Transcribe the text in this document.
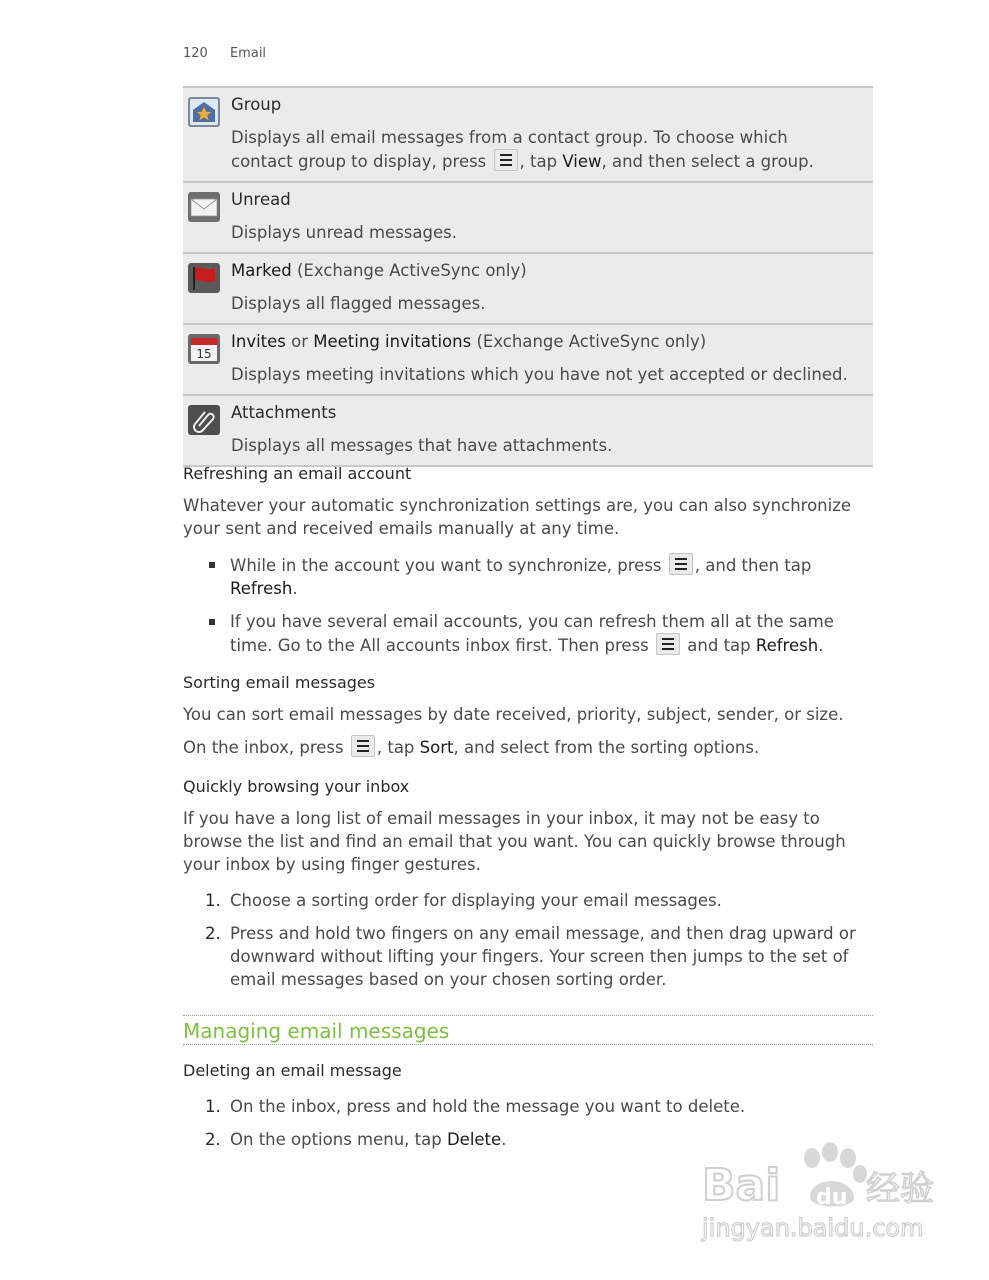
120 Email
Group
Displays all email messages from a contact group. To choose which contact group to display, press , tap View, and then select a group.
Unread
Displays unread messages.
Marked (Exchange ActiveSync only)
Displays all flagged messages.
15
Invites or Meeting invitations (Exchange ActiveSync only)
Displays meeting invitations which you have not yet accepted or declined.
Attachments
Displays all messages that have attachments.

Refreshing an email account

Whatever your automatic synchronization settings are, you can also synchronize your sent and received emails manually at any time.

While in the account you want to synchronize, press
, and then tap Refresh.
If you have several email accounts, you can refresh them all at the same time. Go to the All accounts inbox first. Then press
and tap Refresh.

Sorting email messages

You can sort email messages by date received, priority, subject, sender, or size.

On the inbox, press
, tap Sort, and select from the sorting options.

Quickly browsing your inbox

If you have a long list of email messages in your inbox, it may not be easy to browse the list and find an email that you want. You can quickly browse through your inbox by using finger gestures.

1. Choose a sorting order for displaying your email messages.
2. Press and hold two fingers on any email message, and then drag upward or downward without lifting your fingers. Your screen then jumps to the set of email messages based on your chosen sorting order.
Managing email messages

Deleting an email message

1. On the inbox, press and hold the message you want to delete.
2. On the options menu, tap Delete.
Bai du 经验
jingyan.baidu.com
